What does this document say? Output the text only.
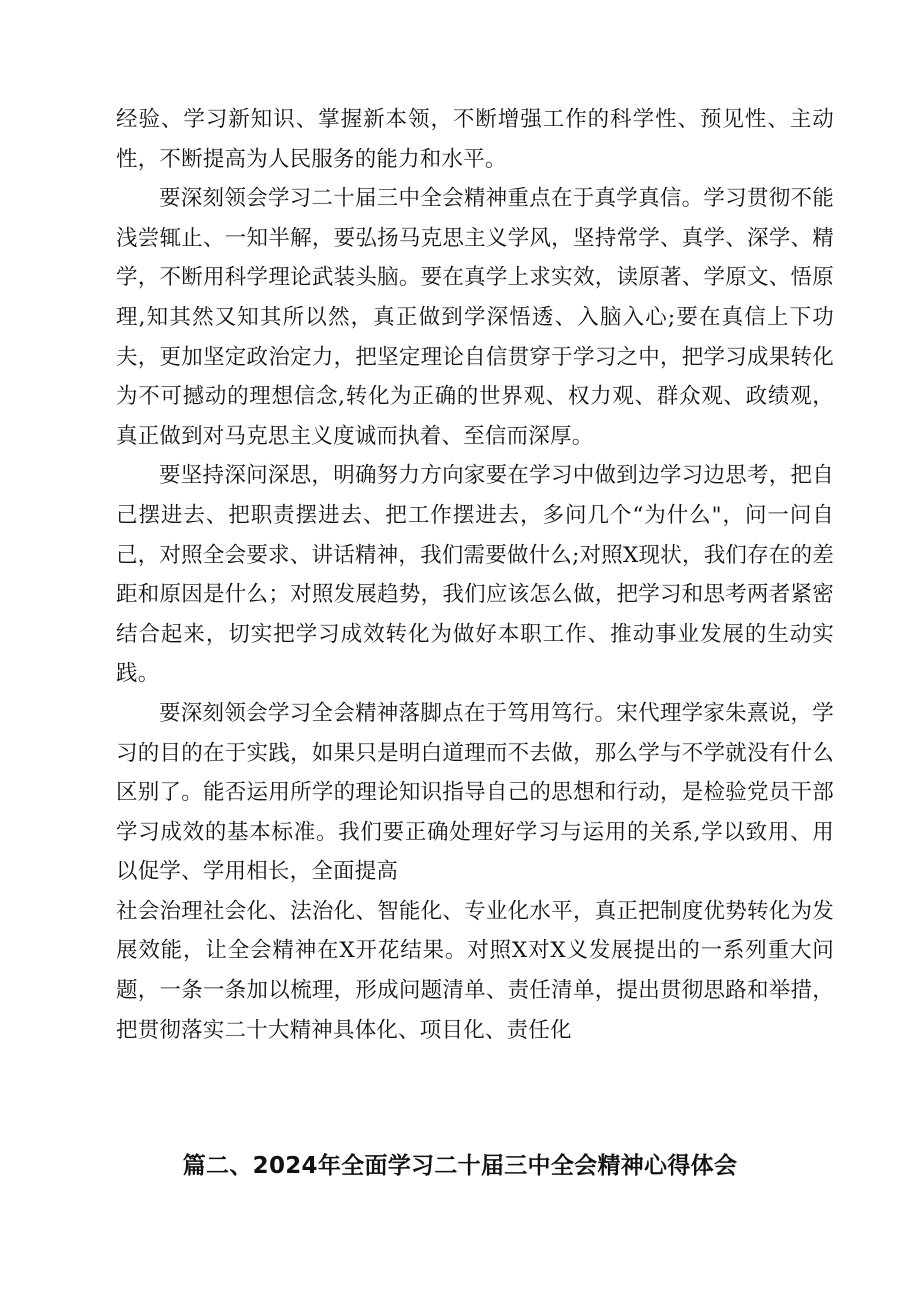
经验、学习新知识、掌握新本领，不断增强工作的科学性、预见性、主动性，不断提高为人民服务的能力和水平。

要深刻领会学习二十届三中全会精神重点在于真学真信。学习贯彻不能浅尝辄止、一知半解，要弘扬马克思主义学风，坚持常学、真学、深学、精学，不断用科学理论武装头脑。要在真学上求实效，读原著、学原文、悟原理,知其然又知其所以然，真正做到学深悟透、入脑入心;要在真信上下功夫，更加坚定政治定力，把坚定理论自信贯穿于学习之中，把学习成果转化为不可撼动的理想信念,转化为正确的世界观、权力观、群众观、政绩观，真正做到对马克思主义度诚而执着、至信而深厚。

要坚持深问深思，明确努力方向家要在学习中做到边学习边思考，把自己摆进去、把职责摆进去、把工作摆进去，多问几个“为什么"，问一问自己，对照全会要求、讲话精神，我们需要做什么;对照X现状，我们存在的差距和原因是什么；对照发展趋势，我们应该怎么做，把学习和思考两者紧密结合起来，切实把学习成效转化为做好本职工作、推动事业发展的生动实践。

要深刻领会学习全会精神落脚点在于笃用笃行。宋代理学家朱熹说，学习的目的在于实践，如果只是明白道理而不去做，那么学与不学就没有什么区别了。能否运用所学的理论知识指导自己的思想和行动，是检验党员干部学习成效的基本标准。我们要正确处理好学习与运用的关系,学以致用、用以促学、学用相长，全面提高

社会治理社会化、法治化、智能化、专业化水平，真正把制度优势转化为发展效能，让全会精神在X开花结果。对照X对X义发展提出的一系列重大问题，一条一条加以梳理，形成问题清单、责任清单，提出贯彻思路和举措，把贯彻落实二十大精神具体化、项目化、责任化

篇二、2024年全面学习二十届三中全会精神心得体会
